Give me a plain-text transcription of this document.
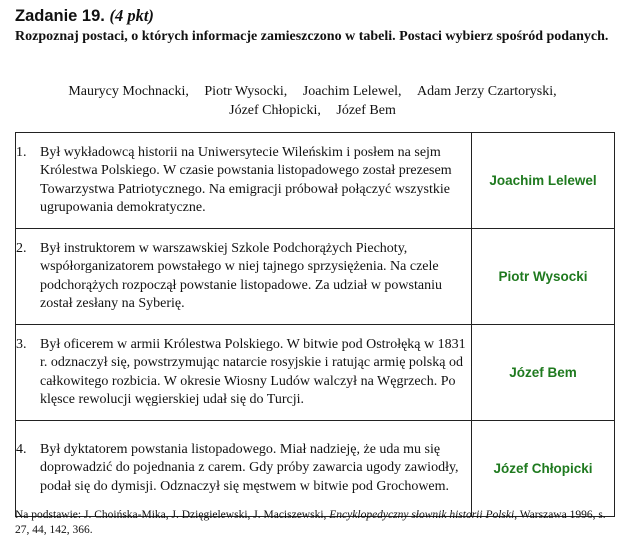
Zadanie 19. (4 pkt)
Rozpoznaj postaci, o których informacje zamieszczono w tabeli. Postaci wybierz spośród podanych.
Maurycy Mochnacki, Piotr Wysocki, Joachim Lelewel, Adam Jerzy Czartoryski,
Józef Chłopicki, Józef Bem
1. Był wykładowcą historii na Uniwersytecie Wileńskim i posłem na sejm Królestwa Polskiego. W czasie powstania listopadowego został prezesem Towarzystwa Patriotycznego. Na emigracji próbował połączyć wszystkie ugrupowania demokratyczne.	Joachim Lelewel

2. Był instruktorem w warszawskiej Szkole Podchorążych Piechoty, współorganizatorem powstałego w niej tajnego sprzysiężenia. Na czele podchorążych rozpoczął powstanie listopadowe. Za udział w powstaniu został zesłany na Syberię.	Piotr Wysocki

3. Był oficerem w armii Królestwa Polskiego. W bitwie pod Ostrołęką w 1831 r. odznaczył się, powstrzymując natarcie rosyjskie i ratując armię polską od całkowitego rozbicia. W okresie Wiosny Ludów walczył na Węgrzech. Po klęsce rewolucji węgierskiej udał się do Turcji.	Józef Bem

4. Był dyktatorem powstania listopadowego. Miał nadzieję, że uda mu się doprowadzić do pojednania z carem. Gdy próby zawarcia ugody zawiodły, podał się do dymisji. Odznaczył się męstwem w bitwie pod Grochowem.	Józef Chłopicki
Na podstawie: J. Choińska-Mika, J. Dzięgielewski, J. Maciszewski, Encyklopedyczny słownik historii Polski, Warszawa 1996, s. 27, 44, 142, 366.
